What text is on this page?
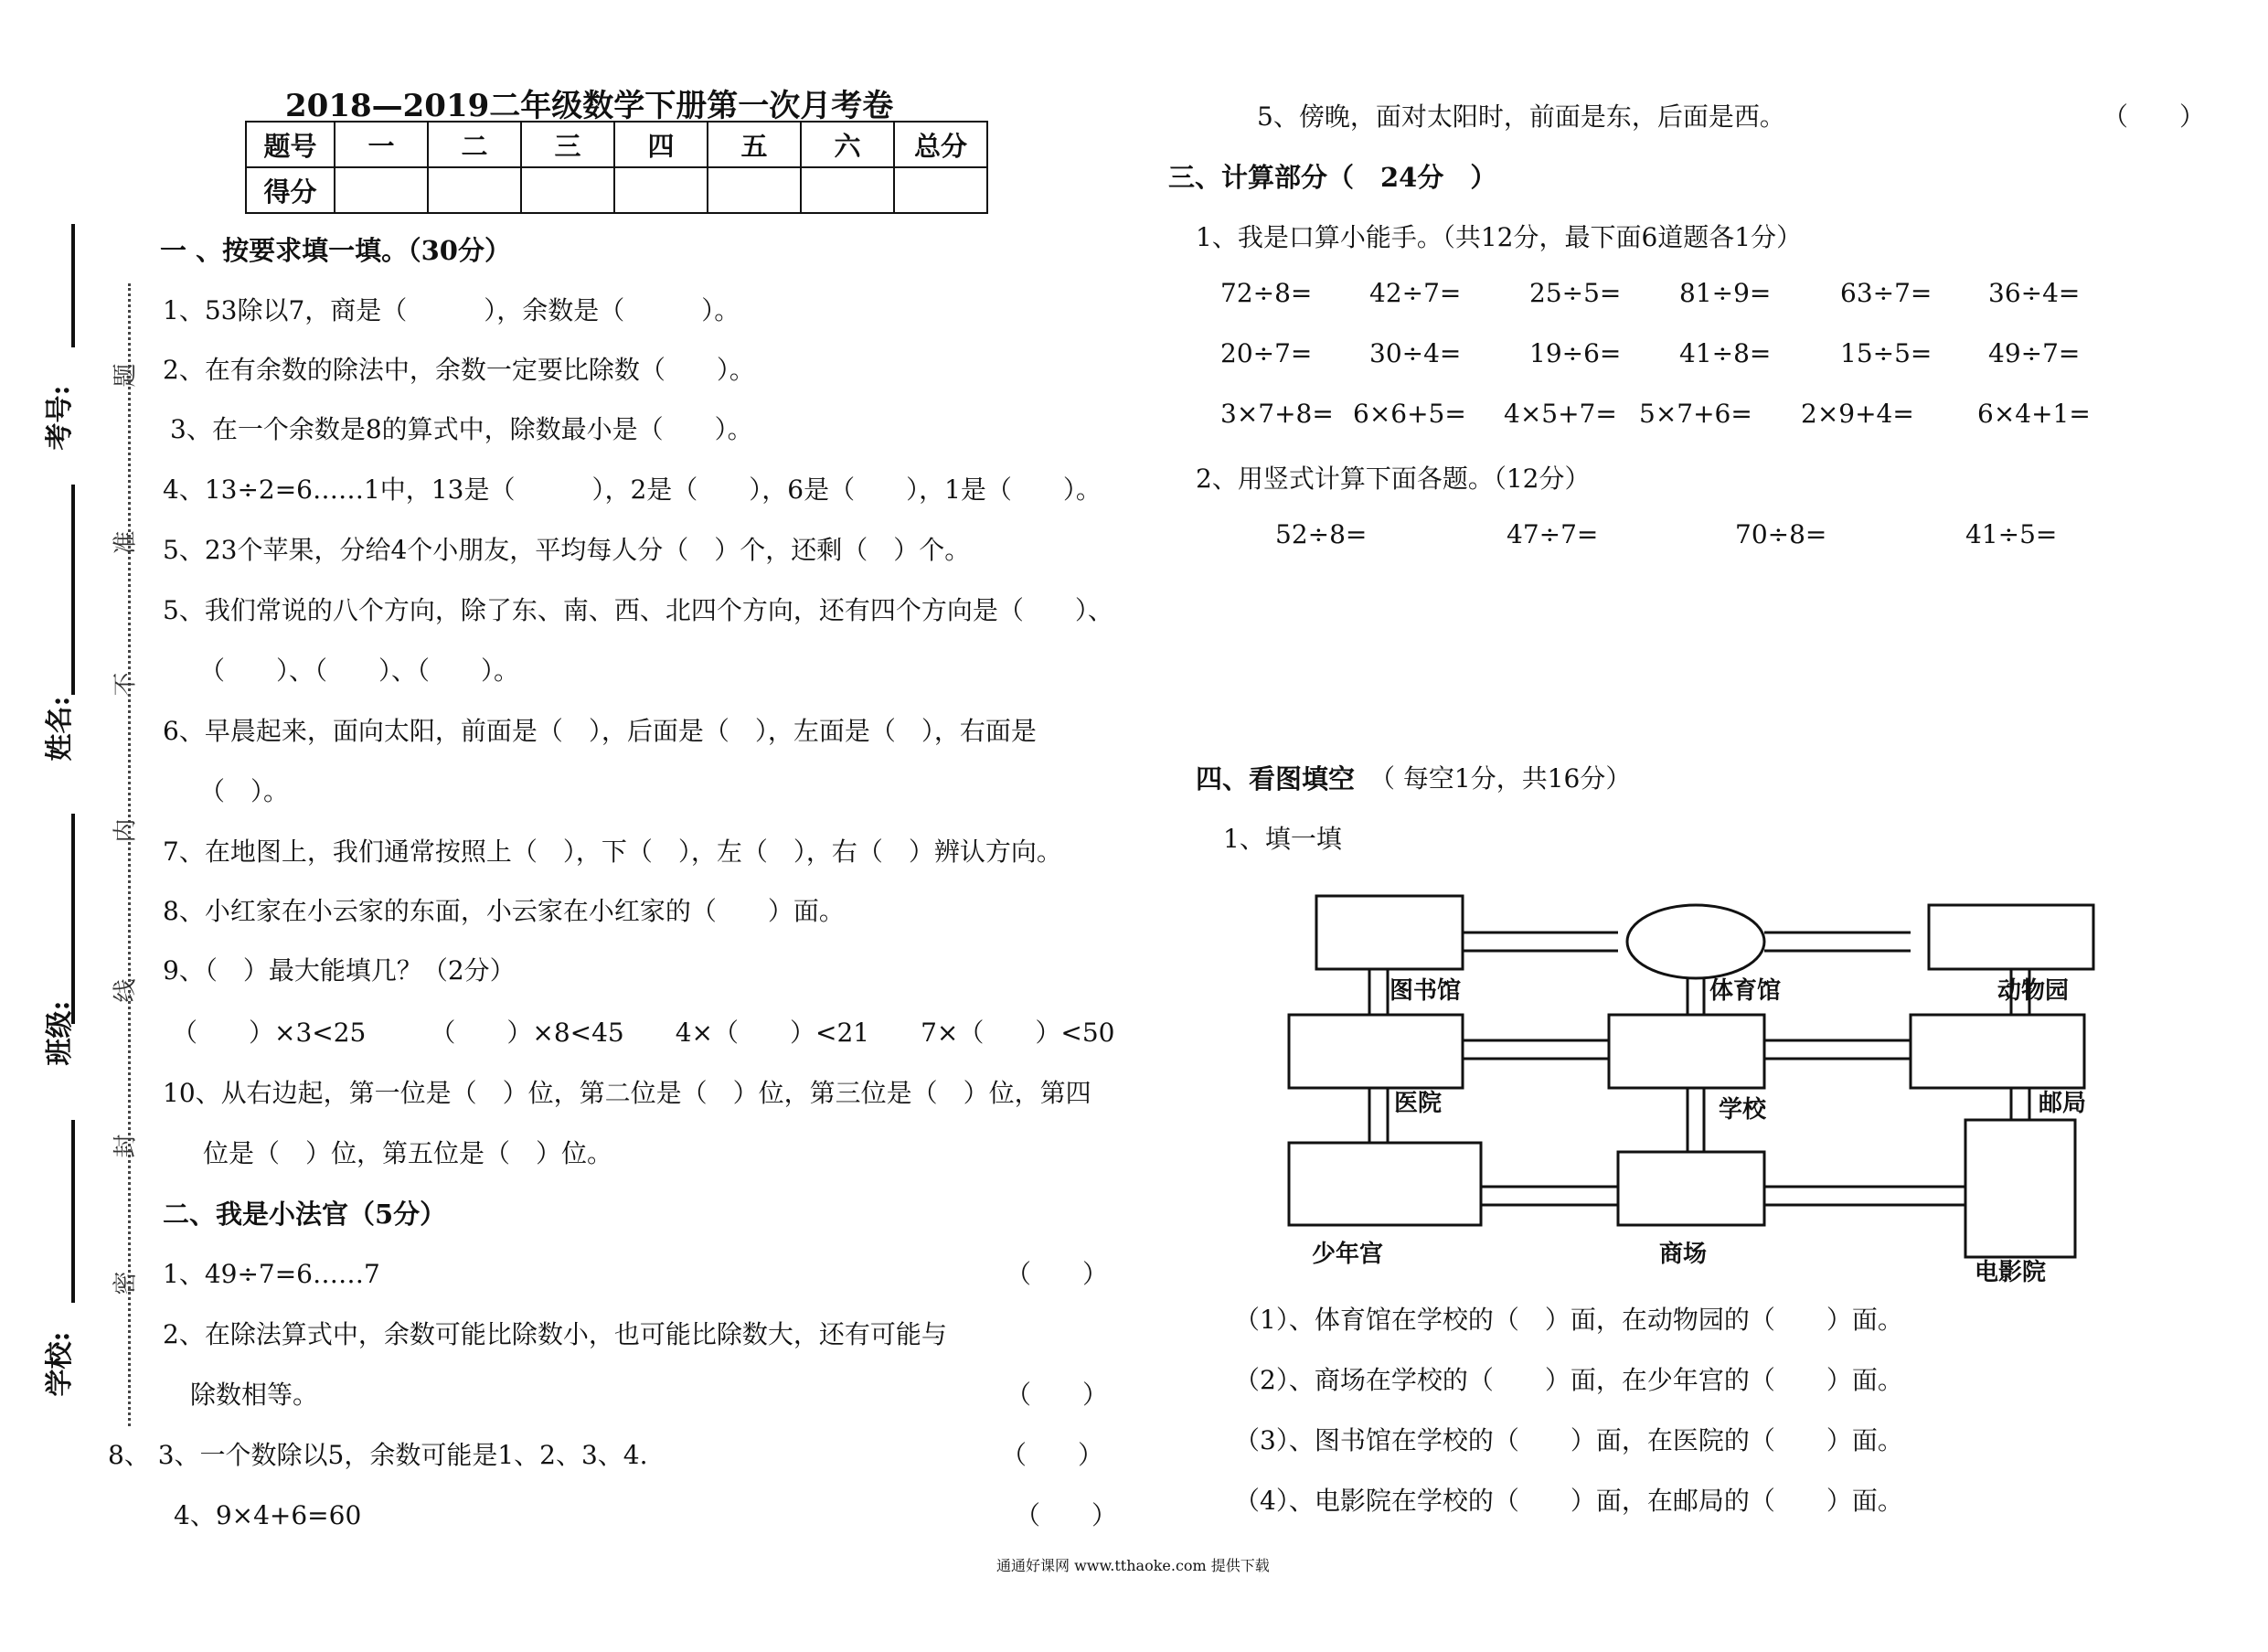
2018—2019二年级数学下册第一次月考卷
题号	一	二	三	四	五	六	总分
得分							
考号:
姓名:
班级:
学校:
题
准
不
内
线
封
密
一 、按要求填一填。（30分）
1、53除以7，商是（　　　），余数是（　　　）。
2、在有余数的除法中，余数一定要比除数（　　）。
3、在一个余数是8的算式中，除数最小是（　　）。
4、13÷2=6……1中，13是（　　　），2是（　　），6是（　　），1是（　　）。
5、23个苹果，分给4个小朋友，平均每人分（　）个，还剩（　）个。
5、我们常说的八个方向，除了东、南、西、北四个方向，还有四个方向是（　　）、
（　　）、（　　）、（　　）。
6、早晨起来，面向太阳，前面是（　），后面是（　），左面是（　），右面是
（　）。
7、在地图上，我们通常按照上（　），下（　），左（　），右（　）辨认方向。
8、小红家在小云家的东面，小云家在小红家的（　　）面。
9、（　）最大能填几？（2分）
（　　）×3<25　　　（　　）×8<45　　4×（　　）<21　　7×（　　）<50
10、从右边起，第一位是（　）位，第二位是（　）位，第三位是（　）位，第四
位是（　）位，第五位是（　）位。
二、我是小法官（5分）
1、49÷7=6……7	（　　）
2、在除法算式中，余数可能比除数小，也可能比除数大，还有可能与
除数相等。	（　　）
8、 3、一个数除以5，余数可能是1、2、3、4.	（　　）
4、9×4+6=60	（　　）
5、傍晚，面对太阳时，前面是东，后面是西。	（　　）
三、计算部分（　24分　）
1、我是口算小能手。（共12分，最下面6道题各1分）
72÷8= 42÷7=	25÷5= 81÷9=	63÷7= 36÷4=
20÷7= 30÷4=	19÷6= 41÷8=	15÷5= 49÷7=
3×7+8= 6×6+5= 4×5+7= 5×7+6= 2×9+4= 6×4+1=
2、用竖式计算下面各题。（12分）
52÷8=	47÷7=	70÷8=	41÷5=
四、看图填空 （ 每空1分，共16分）
1、填一填
图书馆	体育馆	动物园
医院	学校	邮局
少年宫	商场
电影院
（1）、体育馆在学校的（　）面，在动物园的（　　）面。
（2）、商场在学校的（　　）面，在少年宫的（　　）面。
（3）、图书馆在学校的（　　）面，在医院的（　　）面。
（4）、电影院在学校的（　　）面，在邮局的（　　）面。
通通好课网 www.tthaoke.com 提供下载
